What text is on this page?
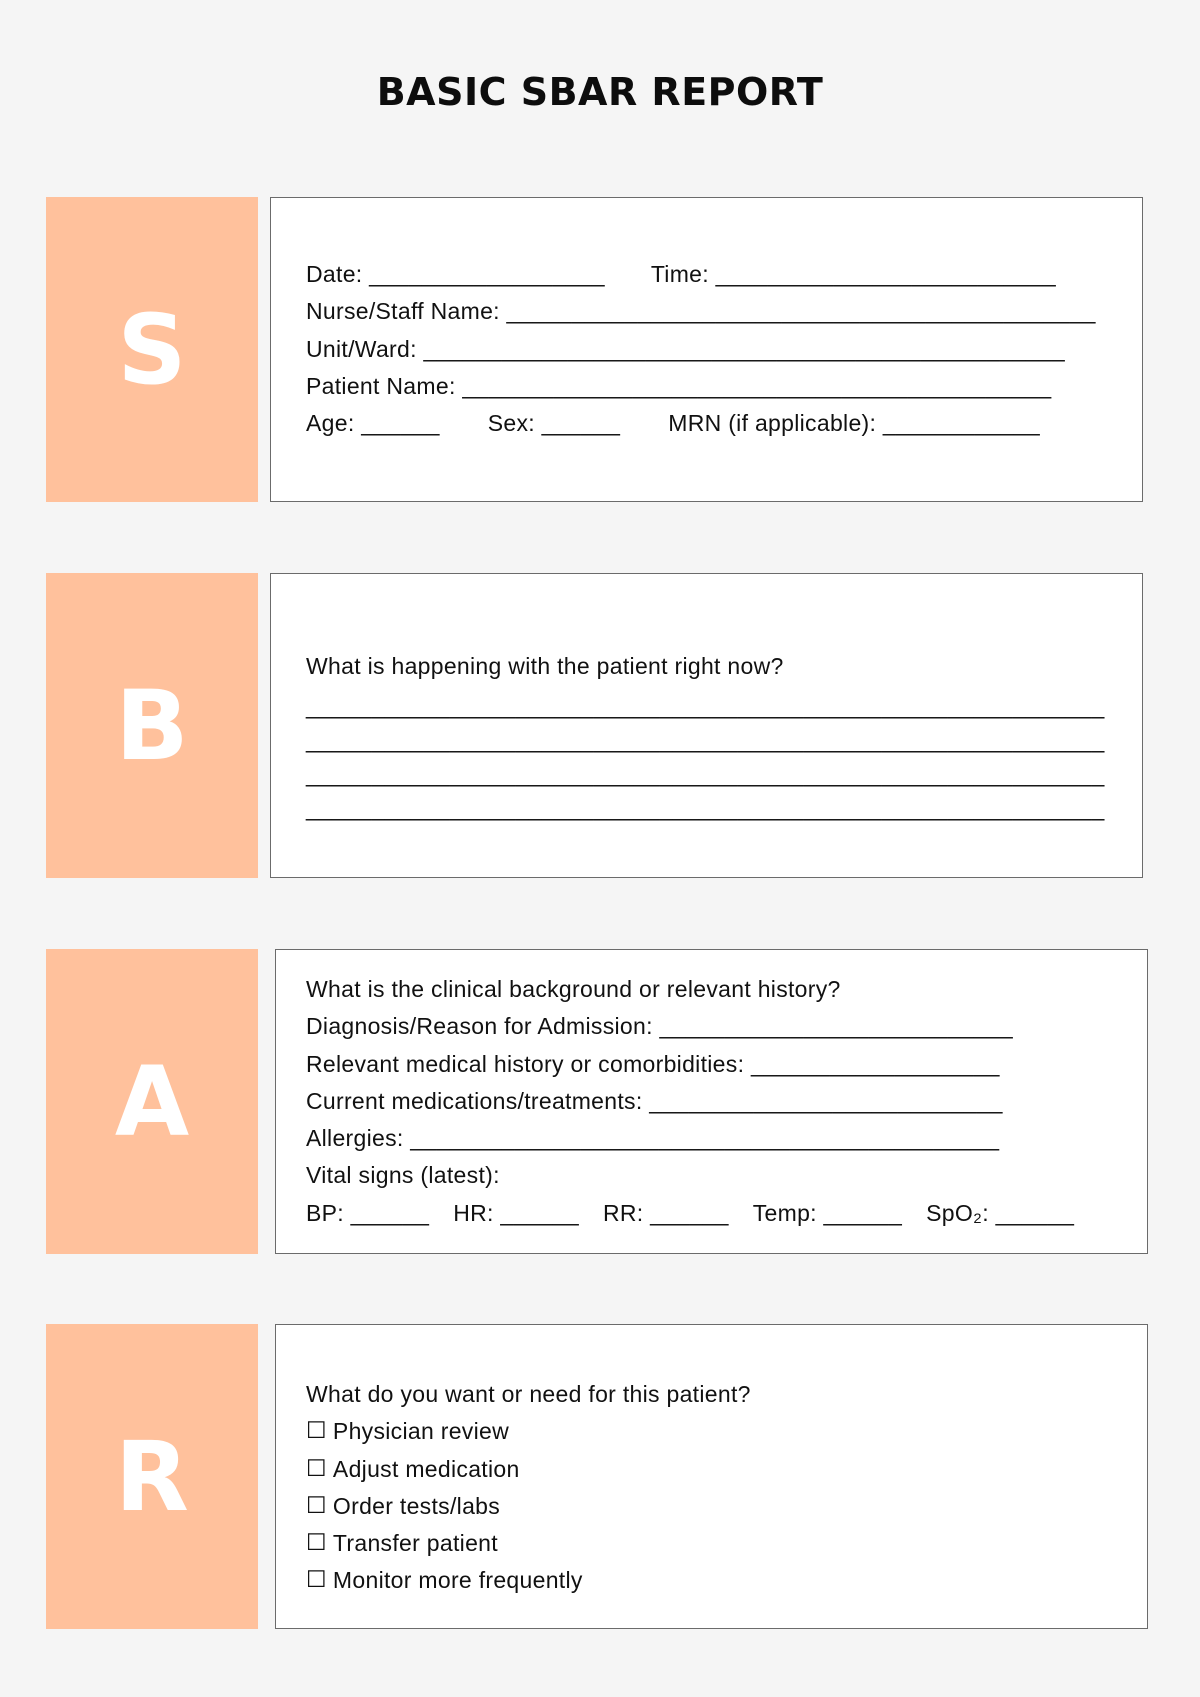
BASIC SBAR REPORT
S
Date: __________________ Time: __________________________
Nurse/Staff Name: _____________________________________________
Unit/Ward: _________________________________________________
Patient Name: _____________________________________________
Age: ______ Sex: ______ MRN (if applicable): ____________
B
What is happening with the patient right now?
_____________________________________________________________
_____________________________________________________________
_____________________________________________________________
_____________________________________________________________
A
What is the clinical background or relevant history?
Diagnosis/Reason for Admission: ___________________________
Relevant medical history or comorbidities: ___________________
Current medications/treatments: ___________________________
Allergies: _____________________________________________
Vital signs (latest):
BP: ______ HR: ______ RR: ______ Temp: ______ SpO₂: ______
R
What do you want or need for this patient?
☐ Physician review
☐ Adjust medication
☐ Order tests/labs
☐ Transfer patient
☐ Monitor more frequently
